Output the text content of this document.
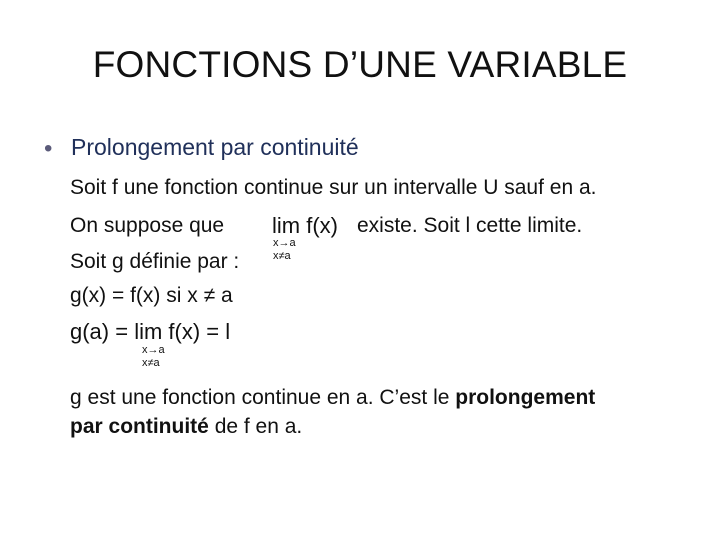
FONCTIONS D’UNE VARIABLE
• Prolongement par continuité
Soit f une fonction continue sur un intervalle U sauf en a.
On suppose que lim f(x)
x→a
x≠a
existe. Soit l cette limite.
Soit g définie par :
g(x) = f(x) si x ≠ a
g(a) = lim f(x) = l
x→a
x≠a
g est une fonction continue en a. C’est le prolongement
par continuité de f en a.
